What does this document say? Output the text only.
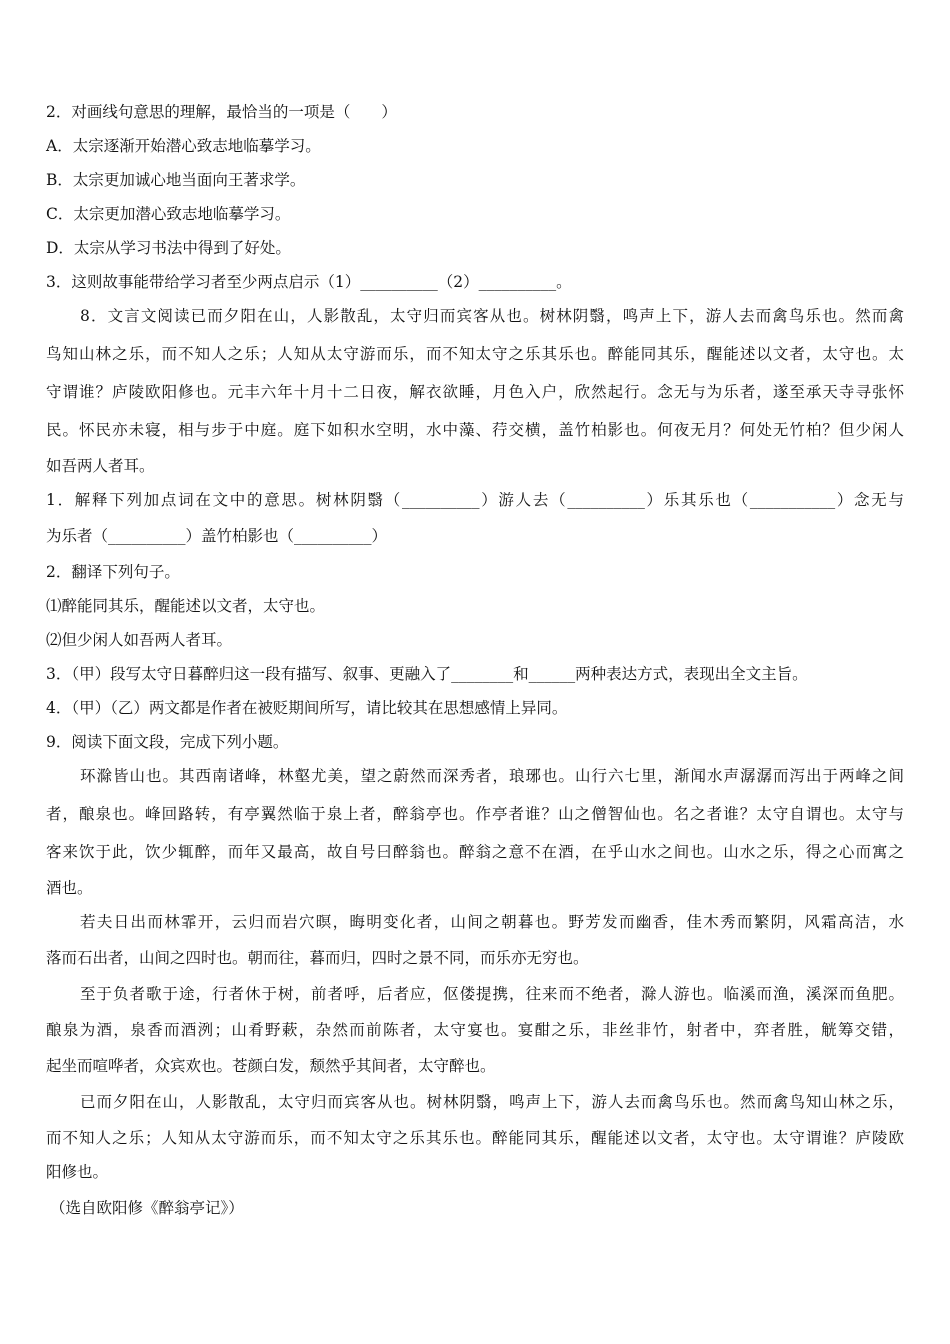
2．对画线句意思的理解，最恰当的一项是（　　）
A．太宗逐渐开始潜心致志地临摹学习。
B．太宗更加诚心地当面向王著求学。
C．太宗更加潜心致志地临摹学习。
D．太宗从学习书法中得到了好处。
3．这则故事能带给学习者至少两点启示（1）__________（2）__________。
8．文言文阅读已而夕阳在山，人影散乱，太守归而宾客从也。树林阴翳，鸣声上下，游人去而禽鸟乐也。然而禽
鸟知山林之乐，而不知人之乐；人知从太守游而乐，而不知太守之乐其乐也。醉能同其乐，醒能述以文者，太守也。太
守谓谁？庐陵欧阳修也。元丰六年十月十二日夜，解衣欲睡，月色入户，欣然起行。念无与为乐者，遂至承天寺寻张怀
民。怀民亦未寝，相与步于中庭。庭下如积水空明，水中藻、荇交横，盖竹柏影也。何夜无月？何处无竹柏？但少闲人
如吾两人者耳。
1．解释下列加点词在文中的意思。树林阴翳（__________）游人去（__________）乐其乐也（___________）念无与
为乐者（__________）盖竹柏影也（__________）
2．翻译下列句子。
⑴醉能同其乐，醒能述以文者，太守也。
⑵但少闲人如吾两人者耳。
3．（甲）段写太守日暮醉归这一段有描写、叙事、更融入了________和______两种表达方式，表现出全文主旨。
4．（甲）（乙）两文都是作者在被贬期间所写，请比较其在思想感情上异同。
9．阅读下面文段，完成下列小题。
环滁皆山也。其西南诸峰，林壑尤美，望之蔚然而深秀者，琅琊也。山行六七里，渐闻水声潺潺而泻出于两峰之间
者，酿泉也。峰回路转，有亭翼然临于泉上者，醉翁亭也。作亭者谁？山之僧智仙也。名之者谁？太守自谓也。太守与
客来饮于此，饮少辄醉，而年又最高，故自号曰醉翁也。醉翁之意不在酒，在乎山水之间也。山水之乐，得之心而寓之
酒也。
若夫日出而林霏开，云归而岩穴暝，晦明变化者，山间之朝暮也。野芳发而幽香，佳木秀而繁阴，风霜高洁，水
落而石出者，山间之四时也。朝而往，暮而归，四时之景不同，而乐亦无穷也。
至于负者歌于途，行者休于树，前者呼，后者应，伛偻提携，往来而不绝者，滁人游也。临溪而渔，溪深而鱼肥。
酿泉为酒，泉香而酒洌；山肴野蔌，杂然而前陈者，太守宴也。宴酣之乐，非丝非竹，射者中，弈者胜，觥筹交错，
起坐而喧哗者，众宾欢也。苍颜白发，颓然乎其间者，太守醉也。
已而夕阳在山，人影散乱，太守归而宾客从也。树林阴翳，鸣声上下，游人去而禽鸟乐也。然而禽鸟知山林之乐，
而不知人之乐；人知从太守游而乐，而不知太守之乐其乐也。醉能同其乐，醒能述以文者，太守也。太守谓谁？庐陵欧
阳修也。
（选自欧阳修《醉翁亭记》）
